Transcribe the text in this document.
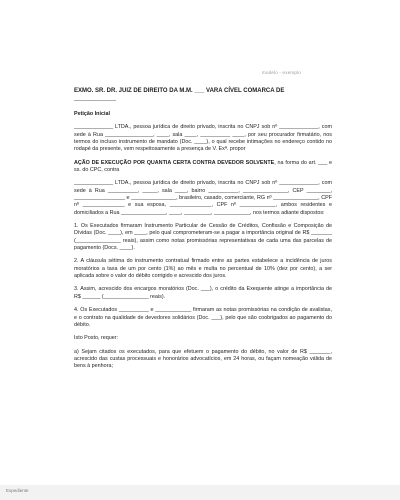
modelo - exemplo

EXMO. SR. DR. JUIZ DE DIREITO DA M.M. ___ VARA CÍVEL COMARCA DE

______________

Petição Inicial

_____________ LTDA., pessoa jurídica de direito privado, inscrita no CNPJ sob nº _____________, com sede à Rua ________________, ____, sala ____, __________ ____, por seu procurador firmatário, nos termos do incluso instrumento de mandato (Doc. ____), o qual recebe intimações no endereço contido no rodapé da presente, vem respeitosamente a presença de V. Exª. propor

AÇÃO DE EXECUÇÃO POR QUANTIA CERTA CONTRA DEVEDOR SOLVENTE, na forma do art. ___ e ss. do CPC, contra

_____________ LTDA., pessoa jurídica de direito privado, inscrita no CNPJ sob nº _____________, com sede à Rua __________, _____, sala ____, bairro __________, _______________, CEP ________, _________________ e _______________, brasileiro, casado, comerciante, RG nº _______________, CPF nº ______________ e sua esposa, ______________, CPF nº ____________, ambos residentes e domiciliados a Rua _______________, ____, _________, ____________, nos termos adiante dispostos:

1. Os Executados firmaram Instrumento Particular de Cessão de Créditos, Confissão e Composição de Dívidas (Doc. ____), em ____, pelo qual comprometeram-se a pagar a importância original de R$ _______ (_______________ reais), assim como notas promissórias representativas de cada uma das parcelas de pagamento (Docs. ____).

2. A cláusula sétima do instrumento contratual firmado entre as partes estabelece a incidência de juros moratórios a taxa de um por cento (1%) ao mês e multa no percentual de 10% (dez por cento), a ser aplicada sobre o valor do débito corrigido e acrescido dos juros.

3. Assim, acrescido dos encargos moratórios (Doc. ___), o crédito da Exequente atinge a importância de R$ ______ (_______________ reais).

4. Os Executados __________ e ____________ firmaram as notas promissórias na condição de avalistas, e o contrato na qualidade de devedores solidários (Doc. ___), pelo que são coobrigados ao pagamento do débito.

Isto Posto, requer:

a) Sejam citados os executados, para que efetuem o pagamento do débito, no valor de R$ _______, acrescido das custas processuais e honorários advocatícios, em 24 horas, ou façam nomeação válida de bens à penhora;

Expediente
